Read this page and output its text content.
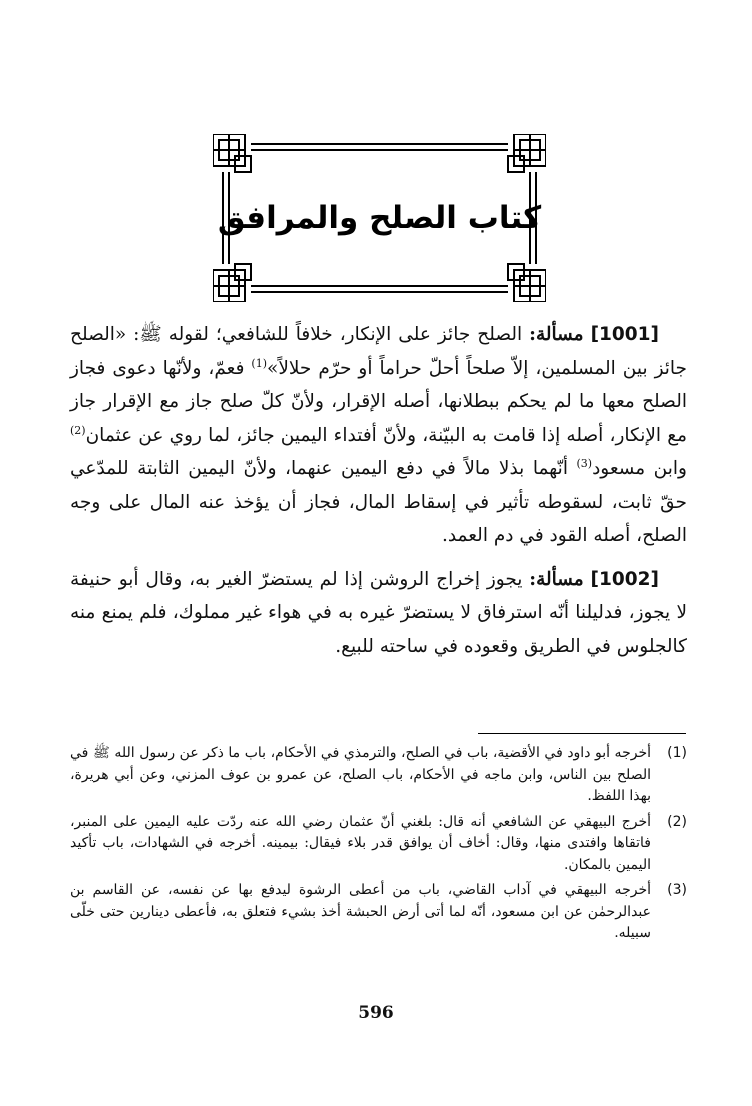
كتاب الصلح والمرافق

[1001] مسألة: الصلح جائز على الإنكار، خلافاً للشافعي؛ لقوله ﷺ: «الصلح جائز بين المسلمين، إلاّ صلحاً أحلّ حراماً أو حرّم حلالاً»$^{(1)}$ فعمّ، ولأنّها دعوى فجاز الصلح معها ما لم يحكم ببطلانها، أصله الإقرار، ولأنّ كلّ صلح جاز مع الإقرار جاز مع الإنكار، أصله إذا قامت به البيّنة، ولأنّ أفتداء اليمين جائز، لما روي عن عثمان$^{(2)}$ وابن مسعود$^{(3)}$ أنّهما بذلا مالاً في دفع اليمين عنهما، ولأنّ اليمين الثابتة للمدّعي حقّ ثابت، لسقوطه تأثير في إسقاط المال، فجاز أن يؤخذ عنه المال على وجه الصلح، أصله القود في دم العمد.

[1002] مسألة: يجوز إخراج الروشن إذا لم يستضرّ الغير به، وقال أبو حنيفة لا يجوز، فدليلنا أنّه استرفاق لا يستضرّ غيره به في هواء غير مملوك، فلم يمنع منه كالجلوس في الطريق وقعوده في ساحته للبيع.

(1)
أخرجه أبو داود في الأقضية، باب في الصلح، والترمذي في الأحكام، باب ما ذكر عن رسول الله ﷺ في الصلح بين الناس، وابن ماجه في الأحكام، باب الصلح، عن عمرو بن عوف المزني، وعن أبي هريرة، بهذا اللفظ.
(2)
أخرج البيهقي عن الشافعي أنه قال: بلغني أنّ عثمان رضي الله عنه ردّت عليه اليمين على المنبر، فاتقاها وافتدى منها، وقال: أخاف أن يوافق قدر بلاء فيقال: بيمينه. أخرجه في الشهادات، باب تأكيد اليمين بالمكان.
(3)
أخرجه البيهقي في آداب القاضي، باب من أعطى الرشوة ليدفع بها عن نفسه، عن القاسم بن عبدالرحمٰن عن ابن مسعود، أنّه لما أتى أرض الحبشة أخذ بشيء فتعلق به، فأعطى دينارين حتى خلّى سبيله.
596
